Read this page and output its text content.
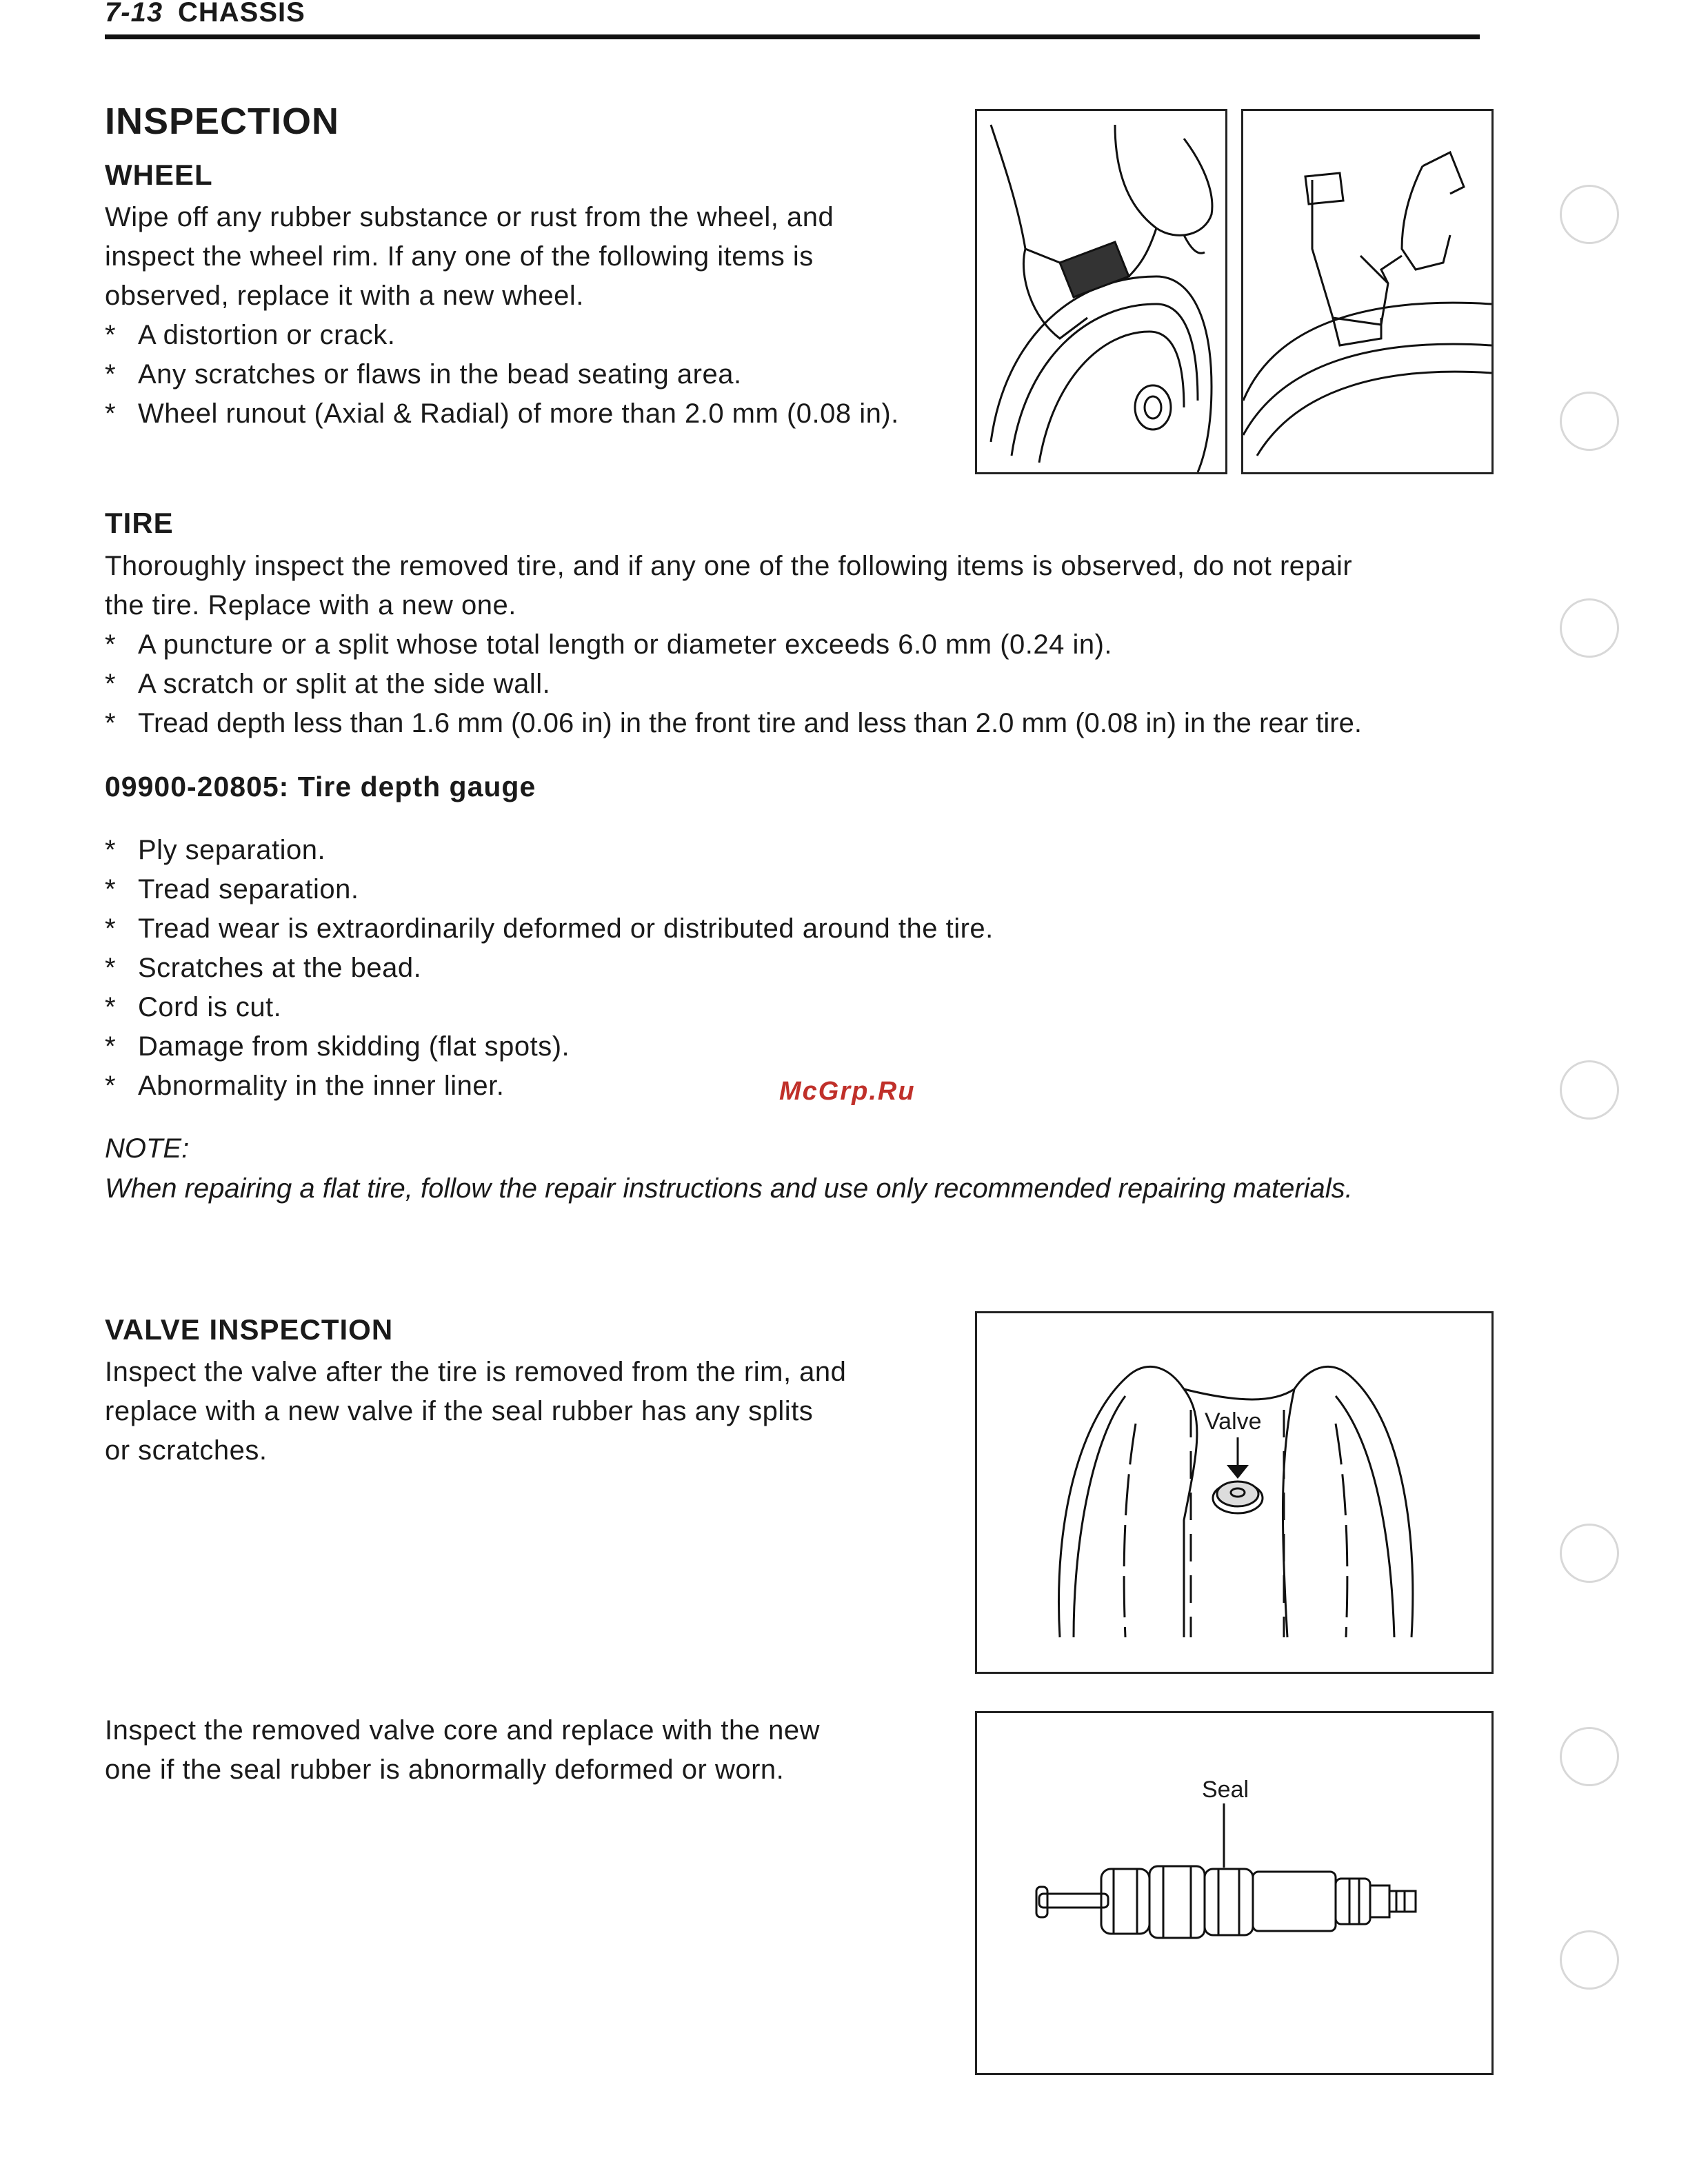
7-13 CHASSIS
INSPECTION
WHEEL
Wipe off any rubber substance or rust from the wheel, and
inspect the wheel rim. If any one of the following items is
observed, replace it with a new wheel.
* A distortion or crack.
* Any scratches or flaws in the bead seating area.
* Wheel runout (Axial & Radial) of more than 2.0 mm (0.08 in).
TIRE
Thoroughly inspect the removed tire, and if any one of the following items is observed, do not repair
the tire. Replace with a new one.
* A puncture or a split whose total length or diameter exceeds 6.0 mm (0.24 in).
* A scratch or split at the side wall.
* Tread depth less than 1.6 mm (0.06 in) in the front tire and less than 2.0 mm (0.08 in) in the rear tire.
09900-20805: Tire depth gauge
* Ply separation.
* Tread separation.
* Tread wear is extraordinarily deformed or distributed around the tire.
* Scratches at the bead.
* Cord is cut.
* Damage from skidding (flat spots).
* Abnormality in the inner liner.	McGrp.Ru
NOTE:
When repairing a flat tire, follow the repair instructions and use only recommended repairing materials.
VALVE INSPECTION
Inspect the valve after the tire is removed from the rim, and
replace with a new valve if the seal rubber has any splits
or scratches.
Valve
Inspect the removed valve core and replace with the new
one if the seal rubber is abnormally deformed or worn.
Seal
